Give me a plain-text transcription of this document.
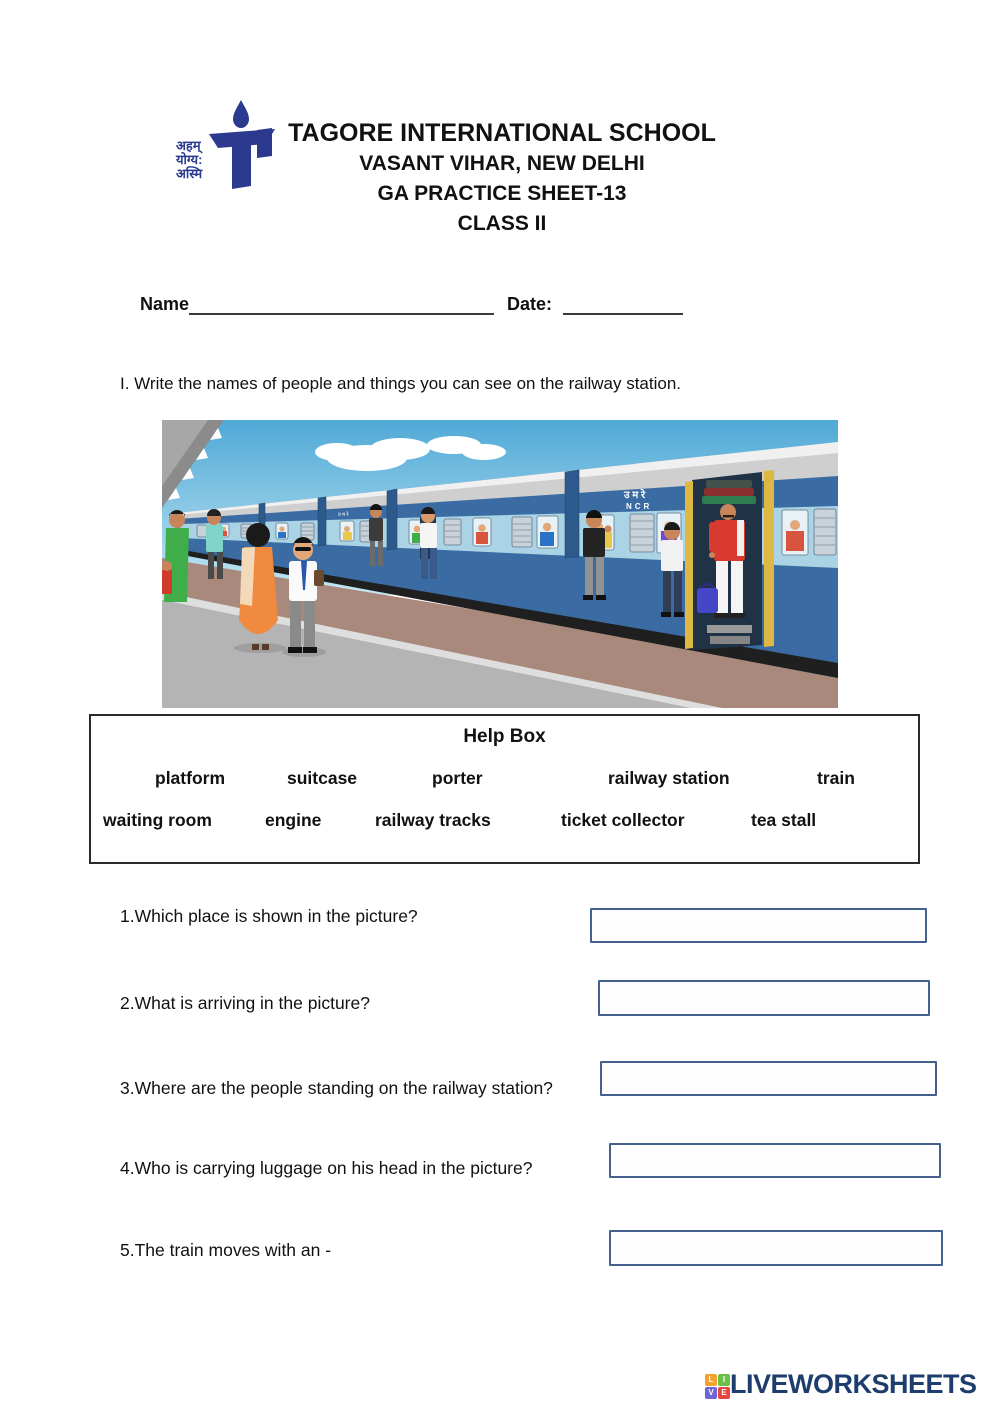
अहम्
योग्य:
अस्मि
TAGORE INTERNATIONAL SCHOOL
VASANT VIHAR, NEW DELHI
GA PRACTICE SHEET-13
CLASS II
Name	Date:
I. Write the names of people and things you can see on the railway station.
उ म रे
NCR
उ म रे
Help Box
platform	suitcase	porter	railway station	train
waiting room	engine	railway tracks	ticket collector	tea stall
1.Which place is shown in the picture?
2.What is arriving in the picture?
3.Where are the people standing on the railway station?
4.Who is carrying luggage on his head in the picture?
5.The train moves with an -
L	I
V E LIVEWORKSHEETS
